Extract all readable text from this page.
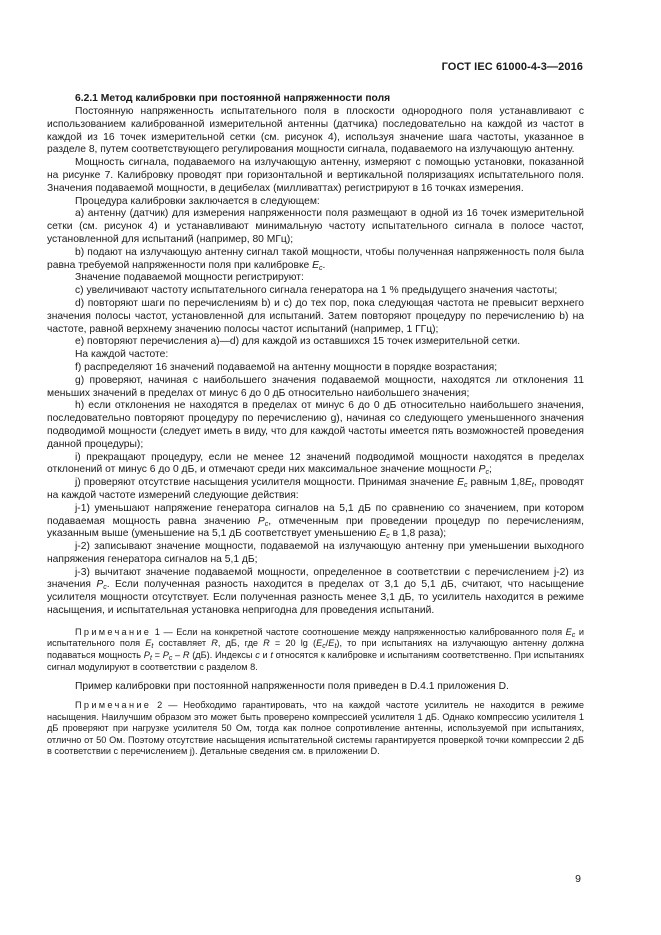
ГОСТ IEC 61000-4-3—2016
6.2.1 Метод калибровки при постоянной напряженности поля

Постоянную напряженность испытательного поля в плоскости однородного поля устанавливают с использованием калиброванной измерительной антенны (датчика) последовательно на каждой из частот в каждой из 16 точек измерительной сетки (см. рисунок 4), используя значение шага частоты, указанное в разделе 8, путем соответствующего регулирования мощности сигнала, подаваемого на излучающую антенну.

Мощность сигнала, подаваемого на излучающую антенну, измеряют с помощью установки, показанной на рисунке 7. Калибровку проводят при горизонтальной и вертикальной поляризациях испытательного поля. Значения подаваемой мощности, в децибелах (милливаттах) регистрируют в 16 точках измерения.

Процедура калибровки заключается в следующем:

а) антенну (датчик) для измерения напряженности поля размещают в одной из 16 точек измерительной сетки (см. рисунок 4) и устанавливают минимальную частоту испытательного сигнала в полосе частот, установленной для испытаний (например, 80 МГц);

b) подают на излучающую антенну сигнал такой мощности, чтобы полученная напряженность поля была равна требуемой напряженности поля при калибровке $E_c$.

Значение подаваемой мощности регистрируют:

с) увеличивают частоту испытательного сигнала генератора на 1 % предыдущего значения частоты;

d) повторяют шаги по перечислениям b) и с) до тех пор, пока следующая частота не превысит верхнего значения полосы частот, установленной для испытаний. Затем повторяют процедуру по перечислению b) на частоте, равной верхнему значению полосы частот испытаний (например, 1 ГГц);

е) повторяют перечисления а)—d) для каждой из оставшихся 15 точек измерительной сетки.

На каждой частоте:

f) распределяют 16 значений подаваемой на антенну мощности в порядке возрастания;

g) проверяют, начиная с наибольшего значения подаваемой мощности, находятся ли отклонения 11 меньших значений в пределах от минус 6 до 0 дБ относительно наибольшего значения;

h) если отклонения не находятся в пределах от минус 6 до 0 дБ относительно наибольшего значения, последовательно повторяют процедуру по перечислению g), начиная со следующего уменьшенного значения подводимой мощности (следует иметь в виду, что для каждой частоты имеется пять возможностей проведения данной процедуры);

i) прекращают процедуру, если не менее 12 значений подводимой мощности находятся в пределах отклонений от минус 6 до 0 дБ, и отмечают среди них максимальное значение мощности $P_c$;

j) проверяют отсутствие насыщения усилителя мощности. Принимая значение $E_c$ равным $1,8E_t$, проводят на каждой частоте измерений следующие действия:

j-1) уменьшают напряжение генератора сигналов на 5,1 дБ по сравнению со значением, при котором подаваемая мощность равна значению $P_c$, отмеченным при проведении процедур по перечислениям, указанным выше (уменьшение на 5,1 дБ соответствует уменьшению $E_c$ в 1,8 раза);

j-2) записывают значение мощности, подаваемой на излучающую антенну при уменьшении выходного напряжения генератора сигналов на 5,1 дБ;

j-3) вычитают значение подаваемой мощности, определенное в соответствии с перечислением j-2) из значения $P_c$. Если полученная разность находится в пределах от 3,1 до 5,1 дБ, считают, что насыщение усилителя мощности отсутствует. Если полученная разность менее 3,1 дБ, то усилитель находится в режиме насыщения, и испытательная установка непригодна для проведения испытаний.

Примечание 1 — Если на конкретной частоте соотношение между напряженностью калиброванного поля $E_c$ и испытательного поля $E_t$ составляет R, дБ, где R = 20 $\lg (E_c/E_t)$, то при испытаниях на излучающую антенну должна подаваться мощность $P_t = P_c - R$ (дБ). Индексы с и t относятся к калибровке и испытаниям соответственно. При испытаниях сигнал модулируют в соответствии с разделом 8.

Пример калибровки при постоянной напряженности поля приведен в D.4.1 приложения D.

Примечание 2 — Необходимо гарантировать, что на каждой частоте усилитель не находится в режиме насыщения. Наилучшим образом это может быть проверено компрессией усилителя 1 дБ. Однако компрессию усилителя 1 дБ проверяют при нагрузке усилителя 50 Ом, тогда как полное сопротивление антенны, используемой при испытаниях, отлично от 50 Ом. Поэтому отсутствие насыщения испытательной системы гарантируется проверкой точки компрессии 2 дБ в соответствии с перечислением j). Детальные сведения см. в приложении D.

9
